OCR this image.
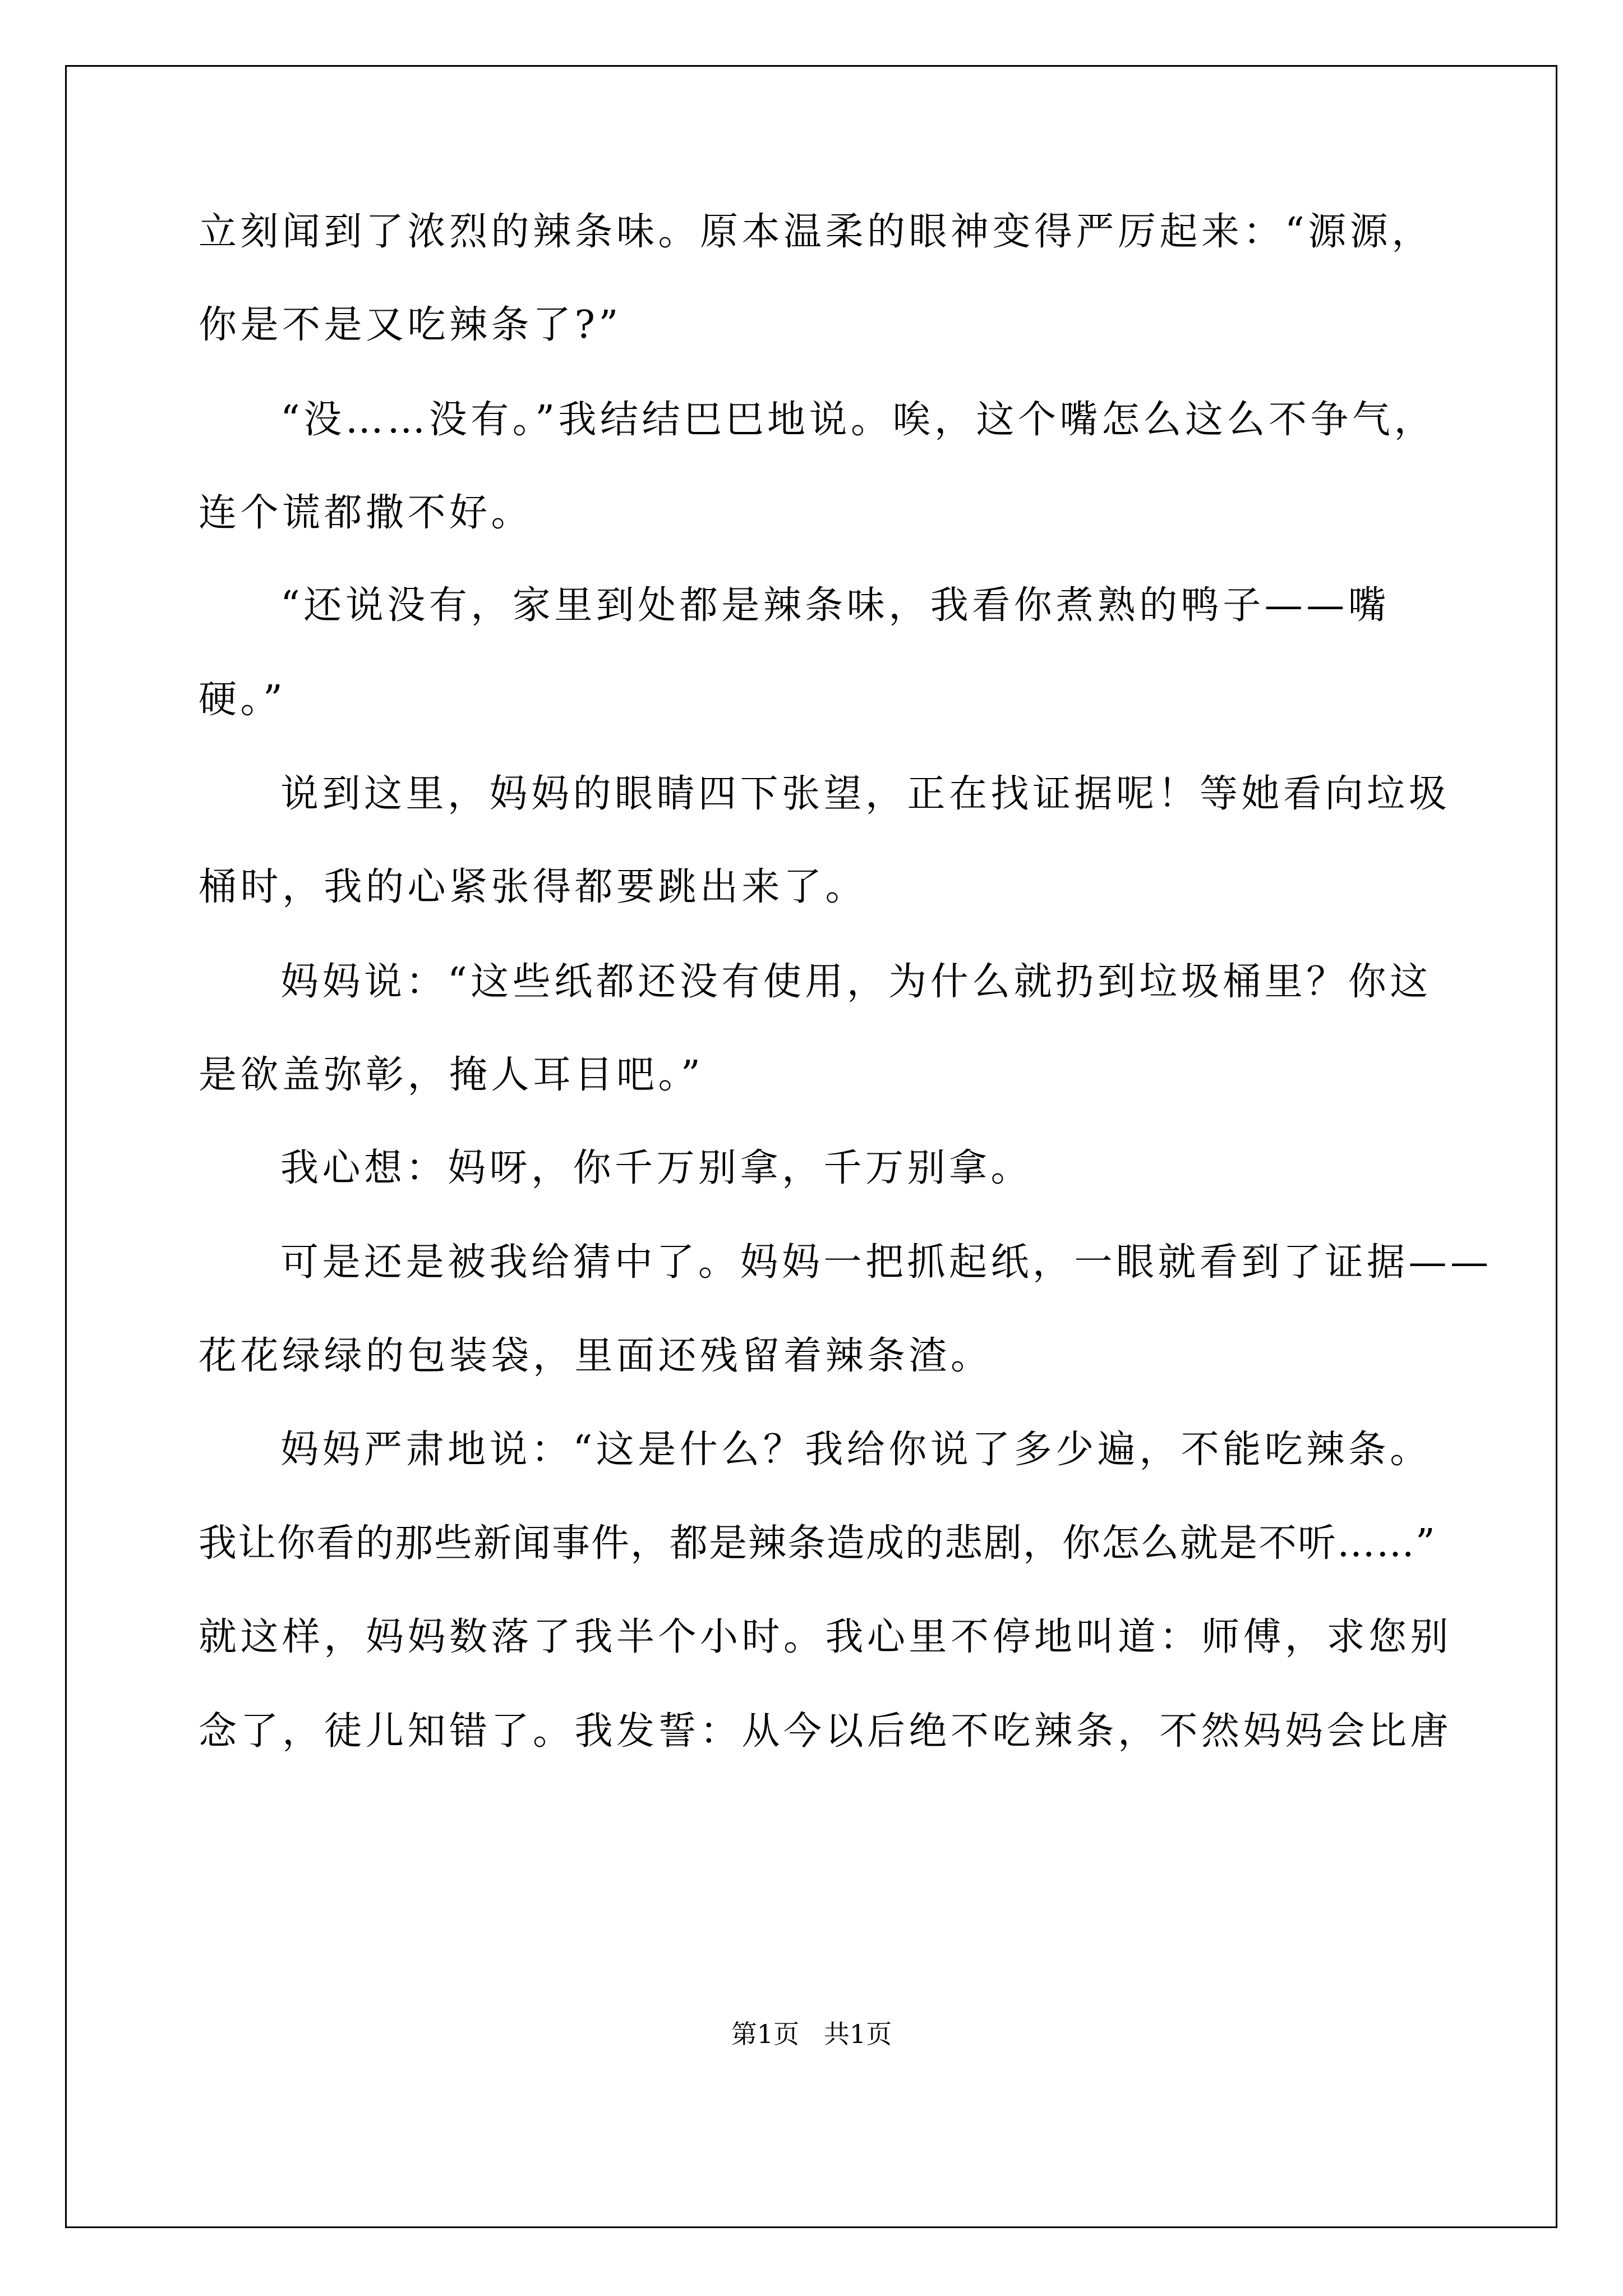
立刻闻到了浓烈的辣条味。原本温柔的眼神变得严厉起来：“源源，
你是不是又吃辣条了?”
“没……没有。”我结结巴巴地说。唉，这个嘴怎么这么不争气，
连个谎都撒不好。
“还说没有，家里到处都是辣条味，我看你煮熟的鸭子——嘴
硬。”
说到这里，妈妈的眼睛四下张望，正在找证据呢！等她看向垃圾
桶时，我的心紧张得都要跳出来了。
妈妈说：“这些纸都还没有使用，为什么就扔到垃圾桶里？你这
是欲盖弥彰，掩人耳目吧。”
我心想：妈呀，你千万别拿，千万别拿。
可是还是被我给猜中了。妈妈一把抓起纸，一眼就看到了证据——
花花绿绿的包装袋，里面还残留着辣条渣。
妈妈严肃地说：“这是什么？我给你说了多少遍，不能吃辣条。
我让你看的那些新闻事件，都是辣条造成的悲剧，你怎么就是不听……”
就这样，妈妈数落了我半个小时。我心里不停地叫道：师傅，求您别
念了，徒儿知错了。我发誓：从今以后绝不吃辣条，不然妈妈会比唐
第1页   共1页
